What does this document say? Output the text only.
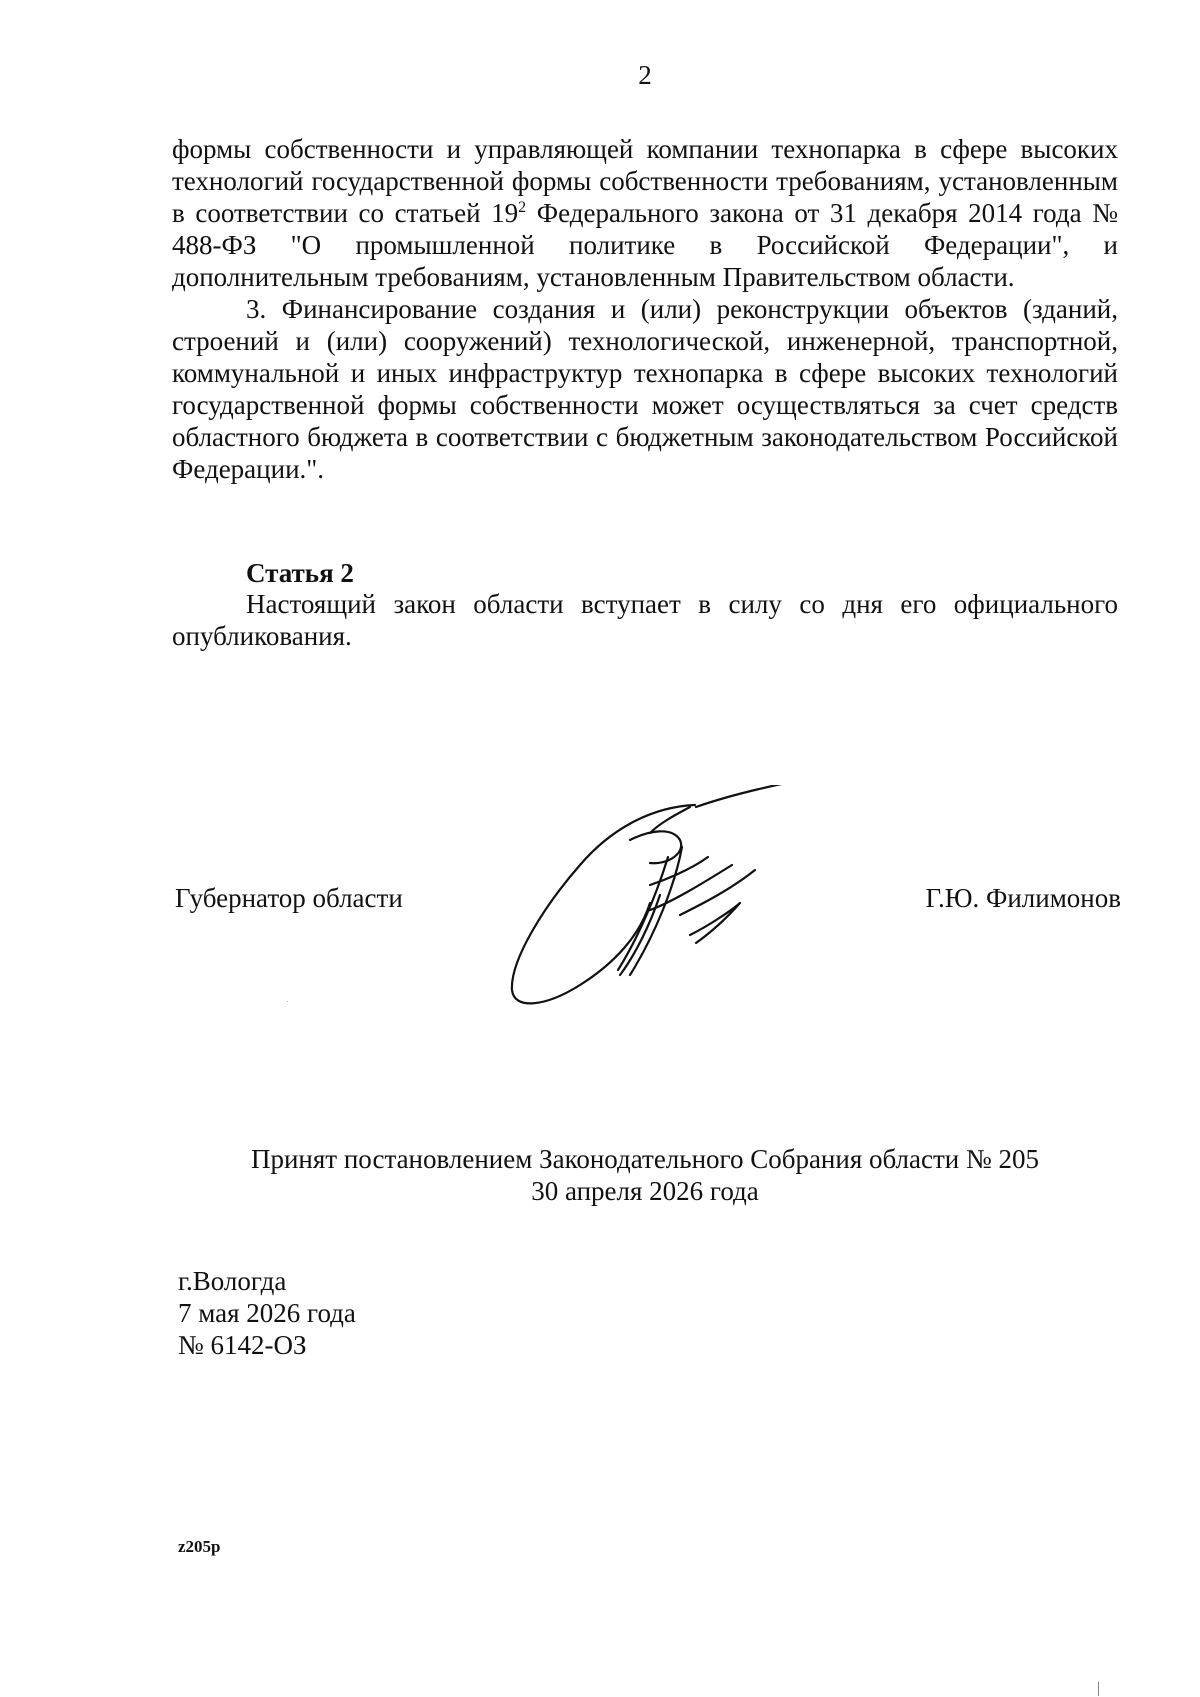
2

формы собственности и управляющей компании технопарка в сфере высоких технологий государственной формы собственности требованиям, установленным в соответствии со статьей $19^2$ Федерального закона от 31 декабря 2014 года № 488-ФЗ "О промышленной политике в Российской Федерации", и дополнительным требованиям, установленным Правительством области.

3. Финансирование создания и (или) реконструкции объектов (зданий, строений и (или) сооружений) технологической, инженерной, транспортной, коммунальной и иных инфраструктур технопарка в сфере высоких технологий государственной формы собственности может осуществляться за счет средств областного бюджета в соответствии с бюджетным законодательством Российской Федерации.".

Статья 2

Настоящий закон области вступает в силу со дня его официального опубликования.

Губернатор области	Г.Ю. Филимонов
Принят постановлением Законодательного Собрания области № 205
30 апреля 2026 года
г.Вологда
7 мая 2026 года
№ 6142-ОЗ
z205p
